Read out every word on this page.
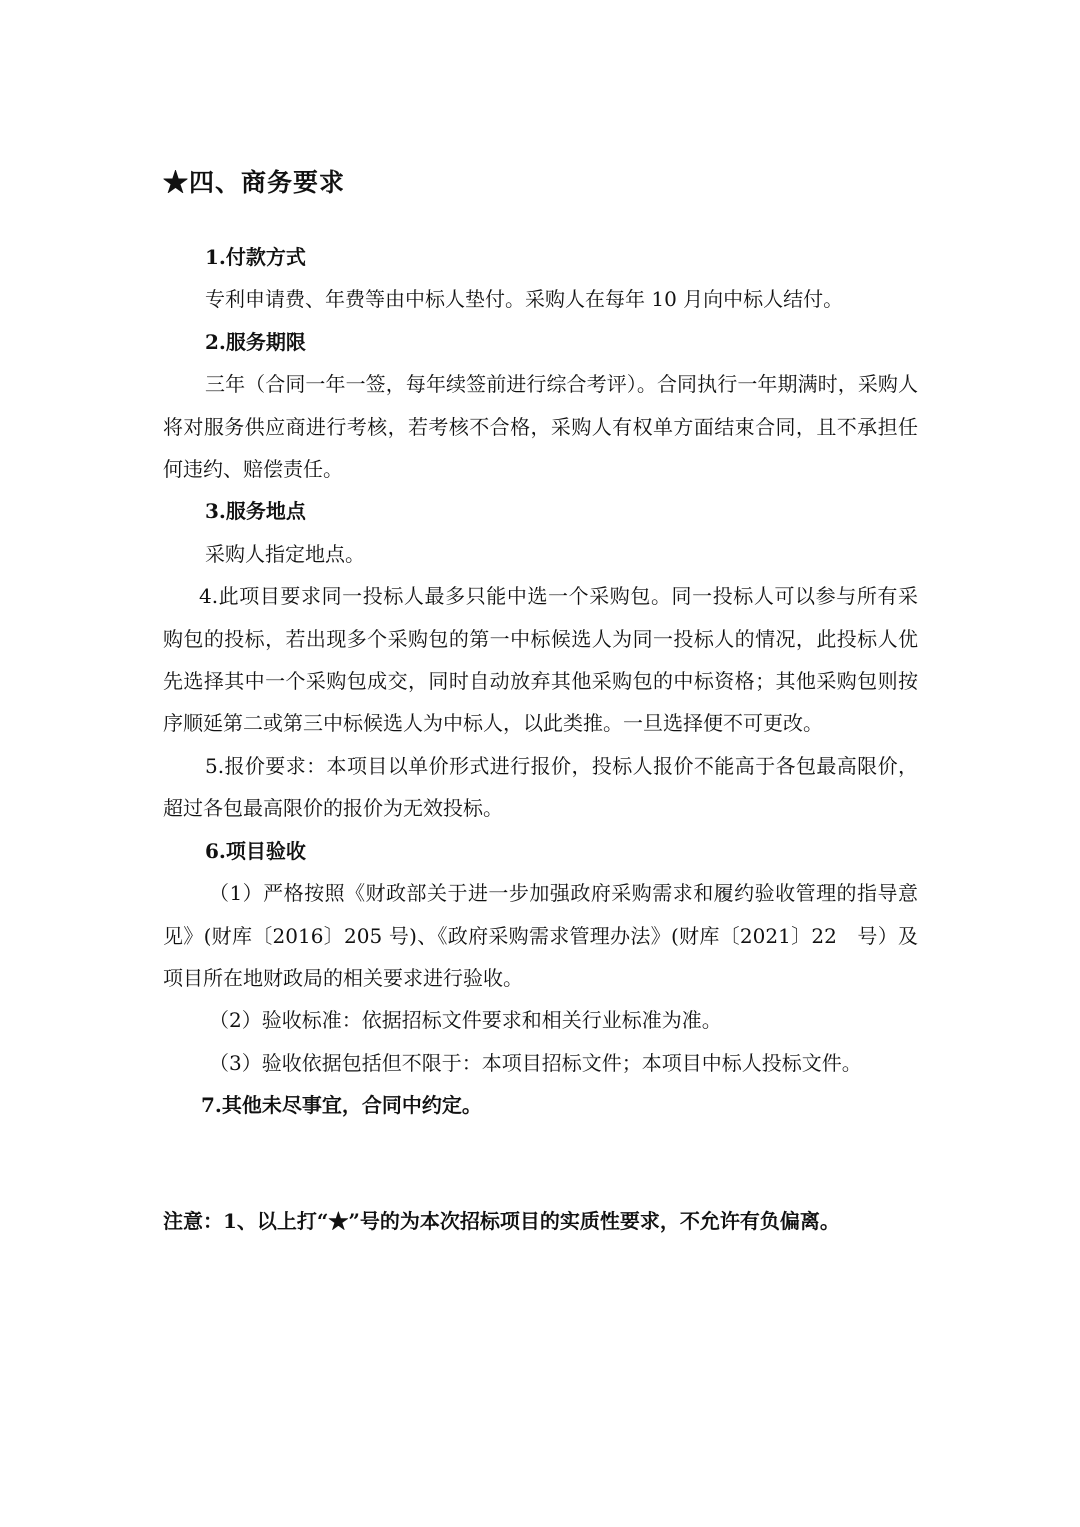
★四、商务要求

1.付款方式

专利申请费、年费等由中标人垫付。采购人在每年 10 月向中标人结付。

2.服务期限

三年（合同一年一签，每年续签前进行综合考评）。合同执行一年期满时，采购人将对服务供应商进行考核，若考核不合格，采购人有权单方面结束合同，且不承担任何违约、赔偿责任。

3.服务地点

采购人指定地点。

4.此项目要求同一投标人最多只能中选一个采购包。同一投标人可以参与所有采购包的投标，若出现多个采购包的第一中标候选人为同一投标人的情况，此投标人优先选择其中一个采购包成交，同时自动放弃其他采购包的中标资格；其他采购包则按序顺延第二或第三中标候选人为中标人，以此类推。一旦选择便不可更改。

5.报价要求：本项目以单价形式进行报价，投标人报价不能高于各包最高限价，超过各包最高限价的报价为无效投标。

6.项目验收

（1）严格按照《财政部关于进一步加强政府采购需求和履约验收管理的指导意见》(财库〔2016〕205 号)、《政府采购需求管理办法》(财库〔2021〕22　号）及项目所在地财政局的相关要求进行验收。

（2）验收标准：依据招标文件要求和相关行业标准为准。

（3）验收依据包括但不限于：本项目招标文件；本项目中标人投标文件。

7.其他未尽事宜，合同中约定。

注意：1、以上打“★”号的为本次招标项目的实质性要求，不允许有负偏离。
